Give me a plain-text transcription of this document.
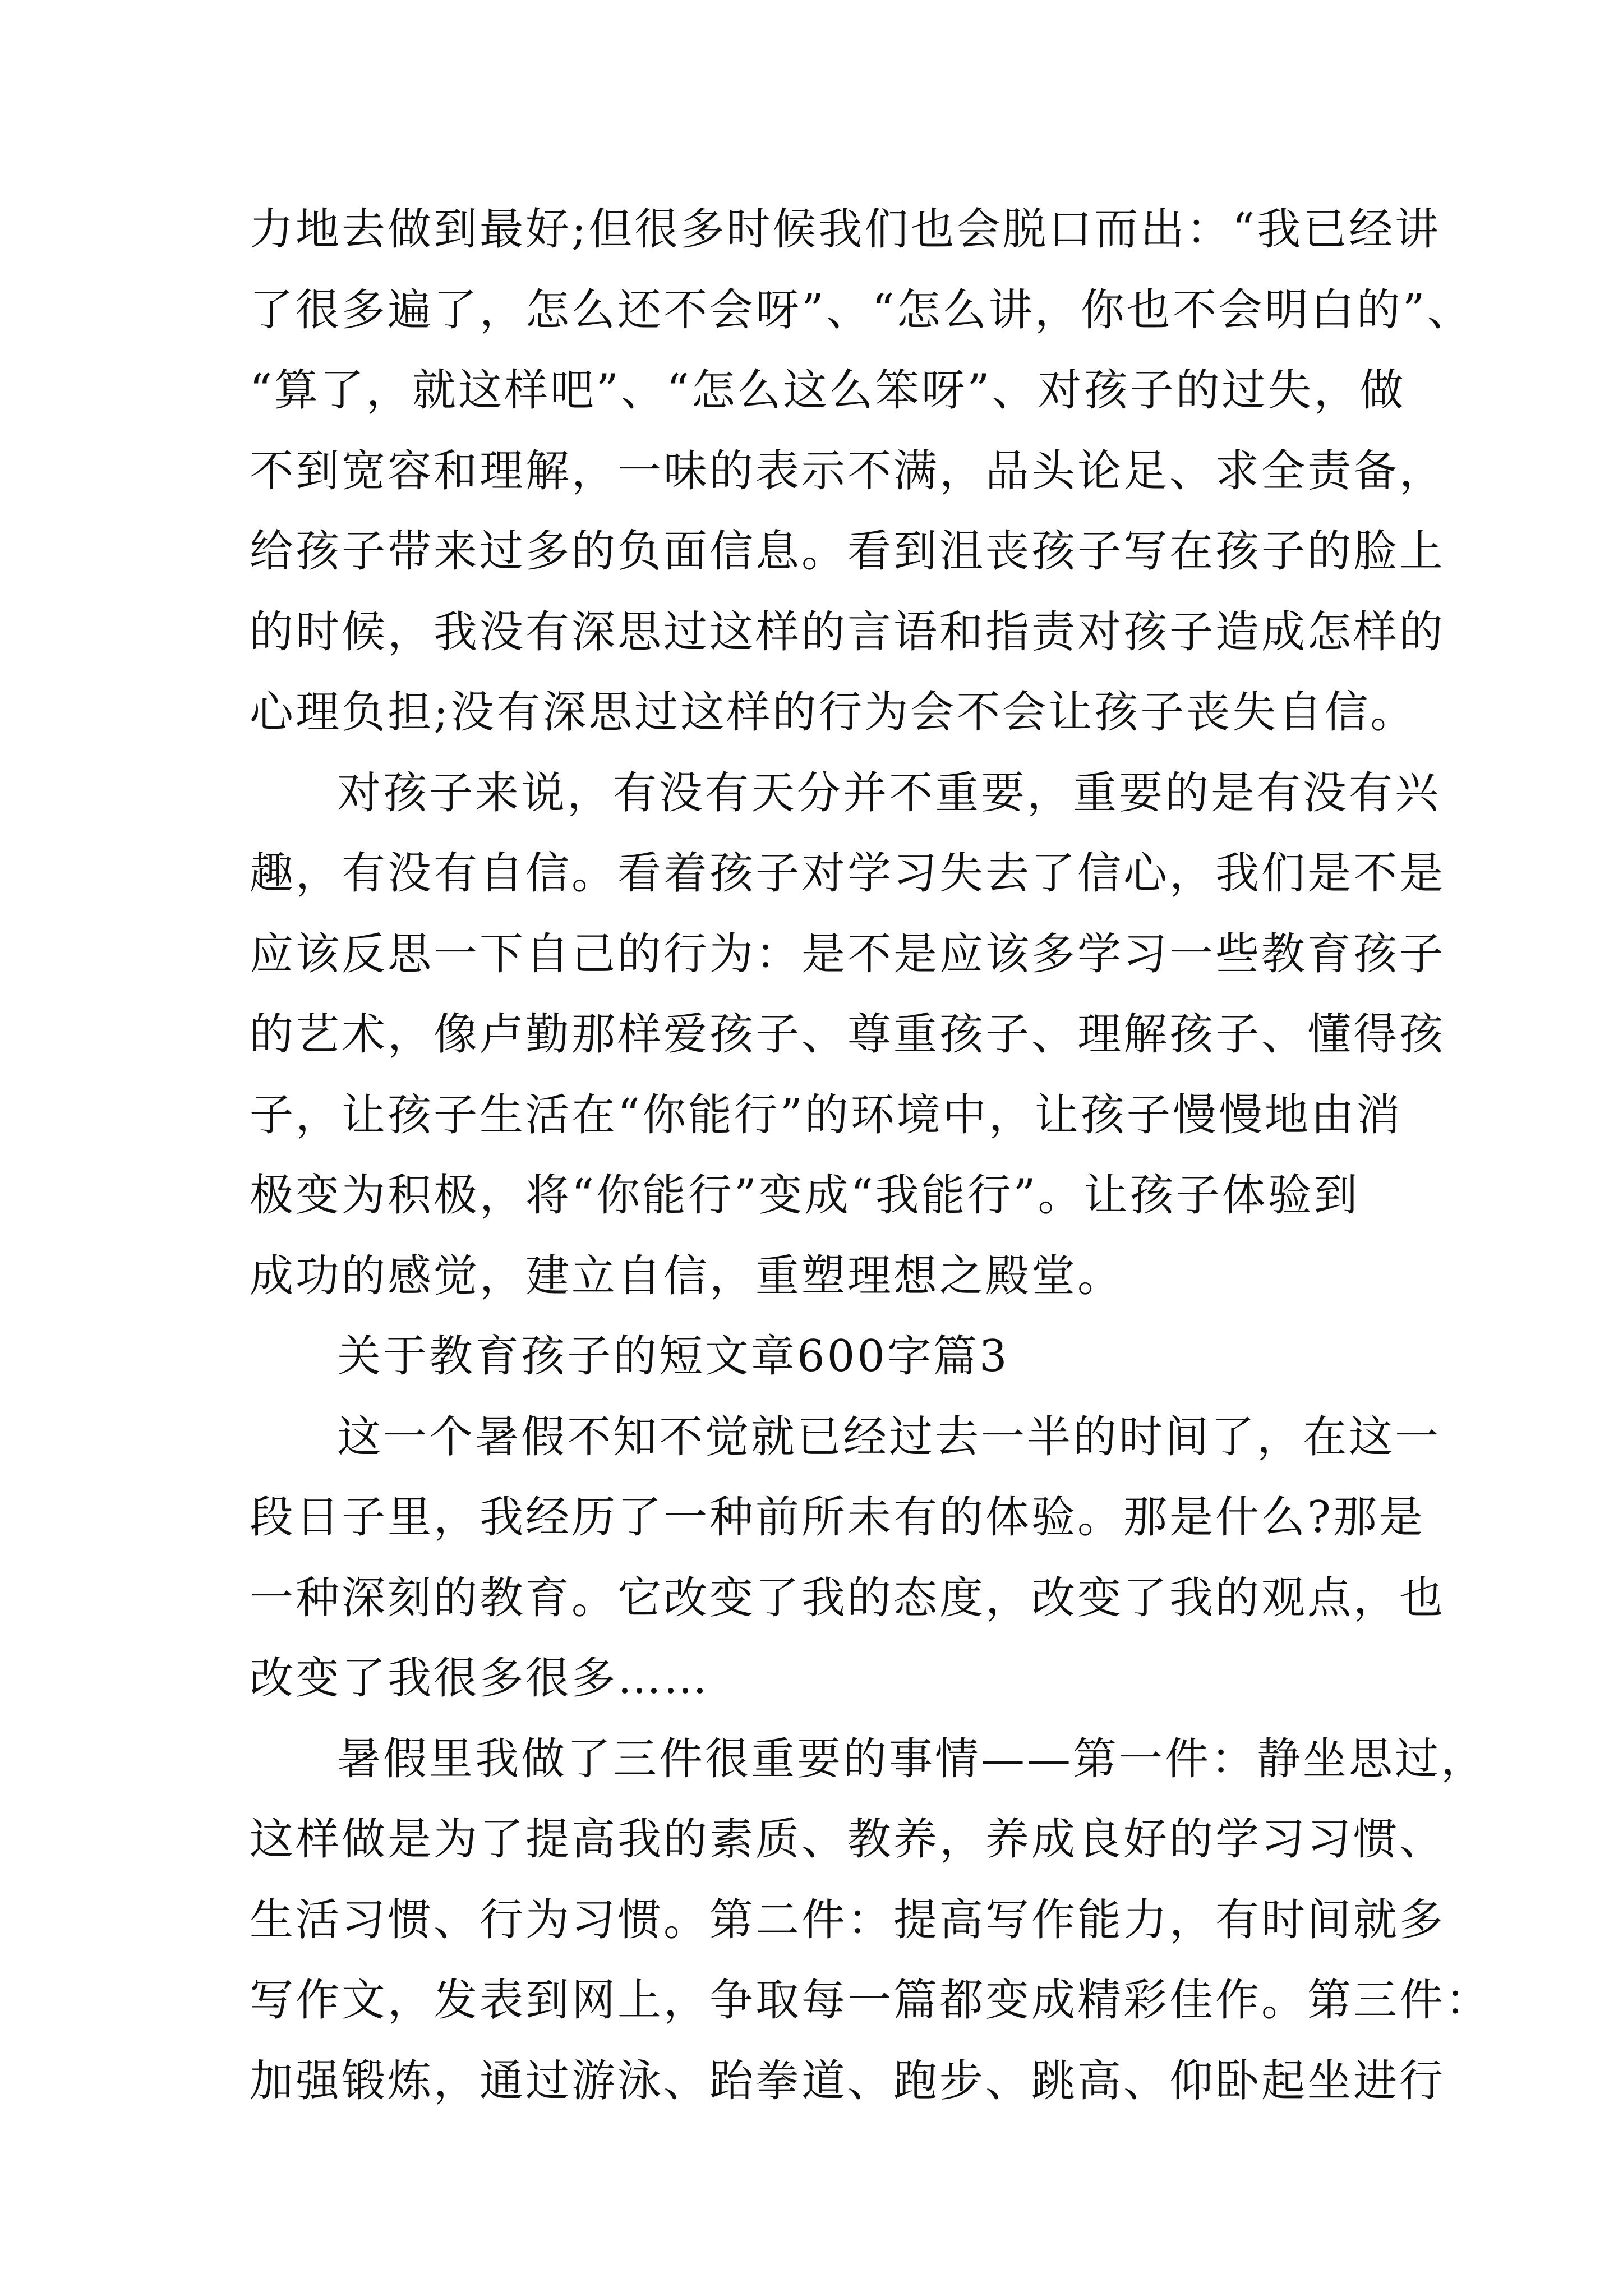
力地去做到最好;但很多时候我们也会脱口而出：“我已经讲
了很多遍了，怎么还不会呀”、“怎么讲，你也不会明白的”、
“算了，就这样吧”、“怎么这么笨呀”、对孩子的过失，做
不到宽容和理解，一味的表示不满，品头论足、求全责备，
给孩子带来过多的负面信息。看到沮丧孩子写在孩子的脸上
的时候，我没有深思过这样的言语和指责对孩子造成怎样的
心理负担;没有深思过这样的行为会不会让孩子丧失自信。
对孩子来说，有没有天分并不重要，重要的是有没有兴
趣，有没有自信。看着孩子对学习失去了信心，我们是不是
应该反思一下自己的行为：是不是应该多学习一些教育孩子
的艺术，像卢勤那样爱孩子、尊重孩子、理解孩子、懂得孩
子，让孩子生活在“你能行”的环境中，让孩子慢慢地由消
极变为积极，将“你能行”变成“我能行”。让孩子体验到
成功的感觉，建立自信，重塑理想之殿堂。
关于教育孩子的短文章600字篇3
这一个暑假不知不觉就已经过去一半的时间了，在这一
段日子里，我经历了一种前所未有的体验。那是什么?那是
一种深刻的教育。它改变了我的态度，改变了我的观点，也
改变了我很多很多……
暑假里我做了三件很重要的事情——第一件：静坐思过，
这样做是为了提高我的素质、教养，养成良好的学习习惯、
生活习惯、行为习惯。第二件：提高写作能力，有时间就多
写作文，发表到网上，争取每一篇都变成精彩佳作。第三件：
加强锻炼，通过游泳、跆拳道、跑步、跳高、仰卧起坐进行
